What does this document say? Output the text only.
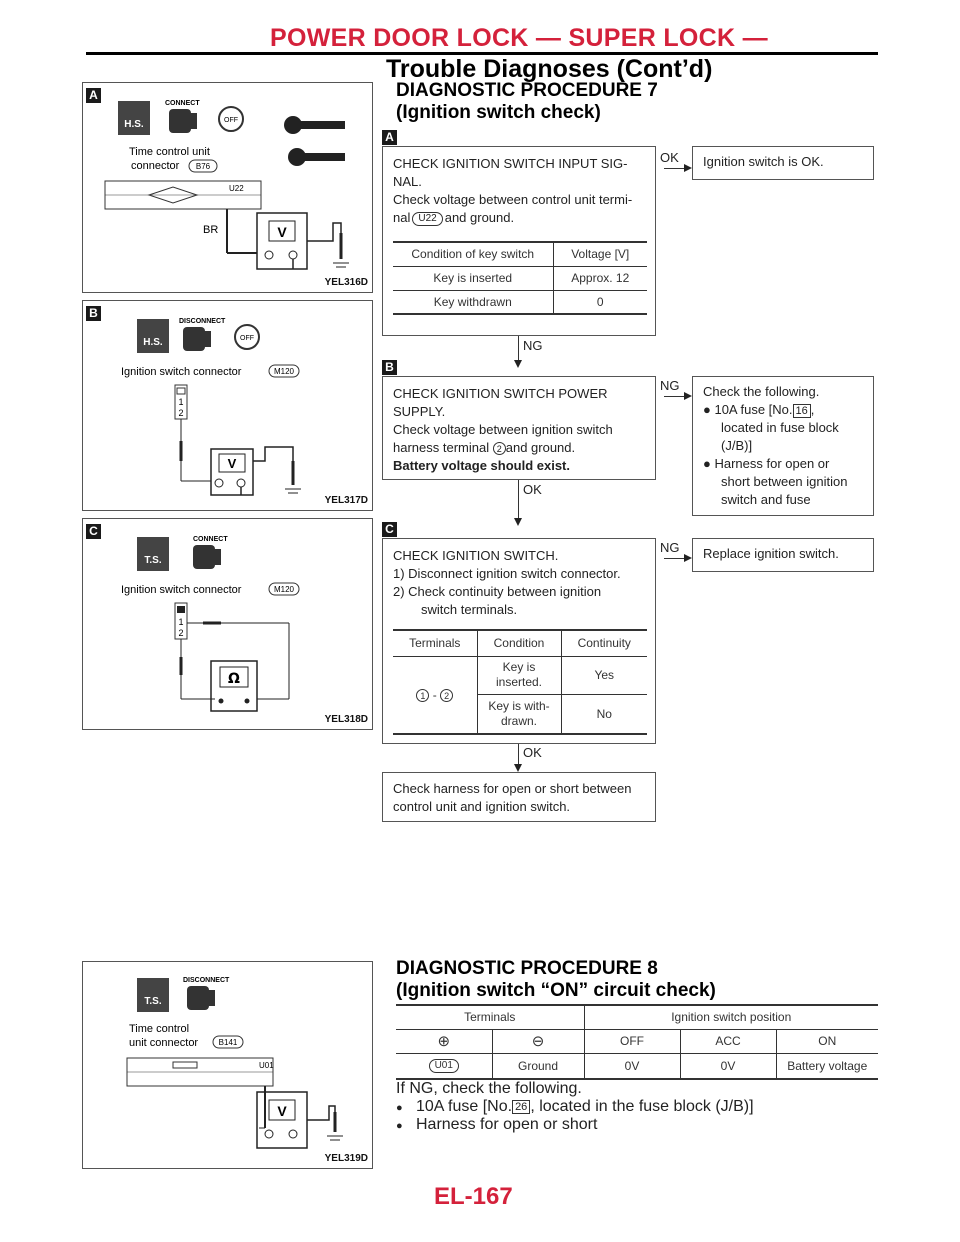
POWER DOOR LOCK — SUPER LOCK —
Trouble Diagnoses (Cont’d)
DIAGNOSTIC PROCEDURE 7
(Ignition switch check)
H.S.
CONNECT
OFF
Time control unit
connector B76
U22
BR	V
YEL316D
A
H.S.
DISCONNECT
OFF
Ignition switch connector	M120
1
2
V
YEL317D
B
T.S.
CONNECT
Ignition switch connector	M120
1
2
Ω
YEL318D
C
A
CHECK IGNITION SWITCH INPUT SIG-
NAL.
Check voltage between control unit termi-
nal U22 and ground.
Condition of key switch	Voltage [V]
Key is inserted	Approx. 12
Key withdrawn	0
OK Ignition switch is OK.
NG
B
CHECK IGNITION SWITCH POWER
SUPPLY.
Check voltage between ignition switch
harness terminal 2 and ground.
Battery voltage should exist.
NG Check the following.
● 10A fuse [No. 16 ,
located in fuse block
(J/B)]
● Harness for open or
short between ignition
switch and fuse
OK
C
CHECK IGNITION SWITCH.
1) Disconnect ignition switch connector.
2) Check continuity between ignition
switch terminals.
Terminals	Condition	Continuity
1 - 2	Key is
inserted.	Yes

	Key is with-
drawn.	No
NG Replace ignition switch.
OK
Check harness for open or short between
control unit and ignition switch.
T.S.
DISCONNECT
Time control
unit connector	B141
U01
V
YEL319D
DIAGNOSTIC PROCEDURE 8
(Ignition switch “ON” circuit check)
Terminals		Ignition switch position		
⊕	⊖	OFF	ACC	ON
U01	Ground	0V	0V	Battery voltage
If NG, check the following.
● 10A fuse [No. 26 , located in the fuse block (J/B)]
● Harness for open or short
EL-167
